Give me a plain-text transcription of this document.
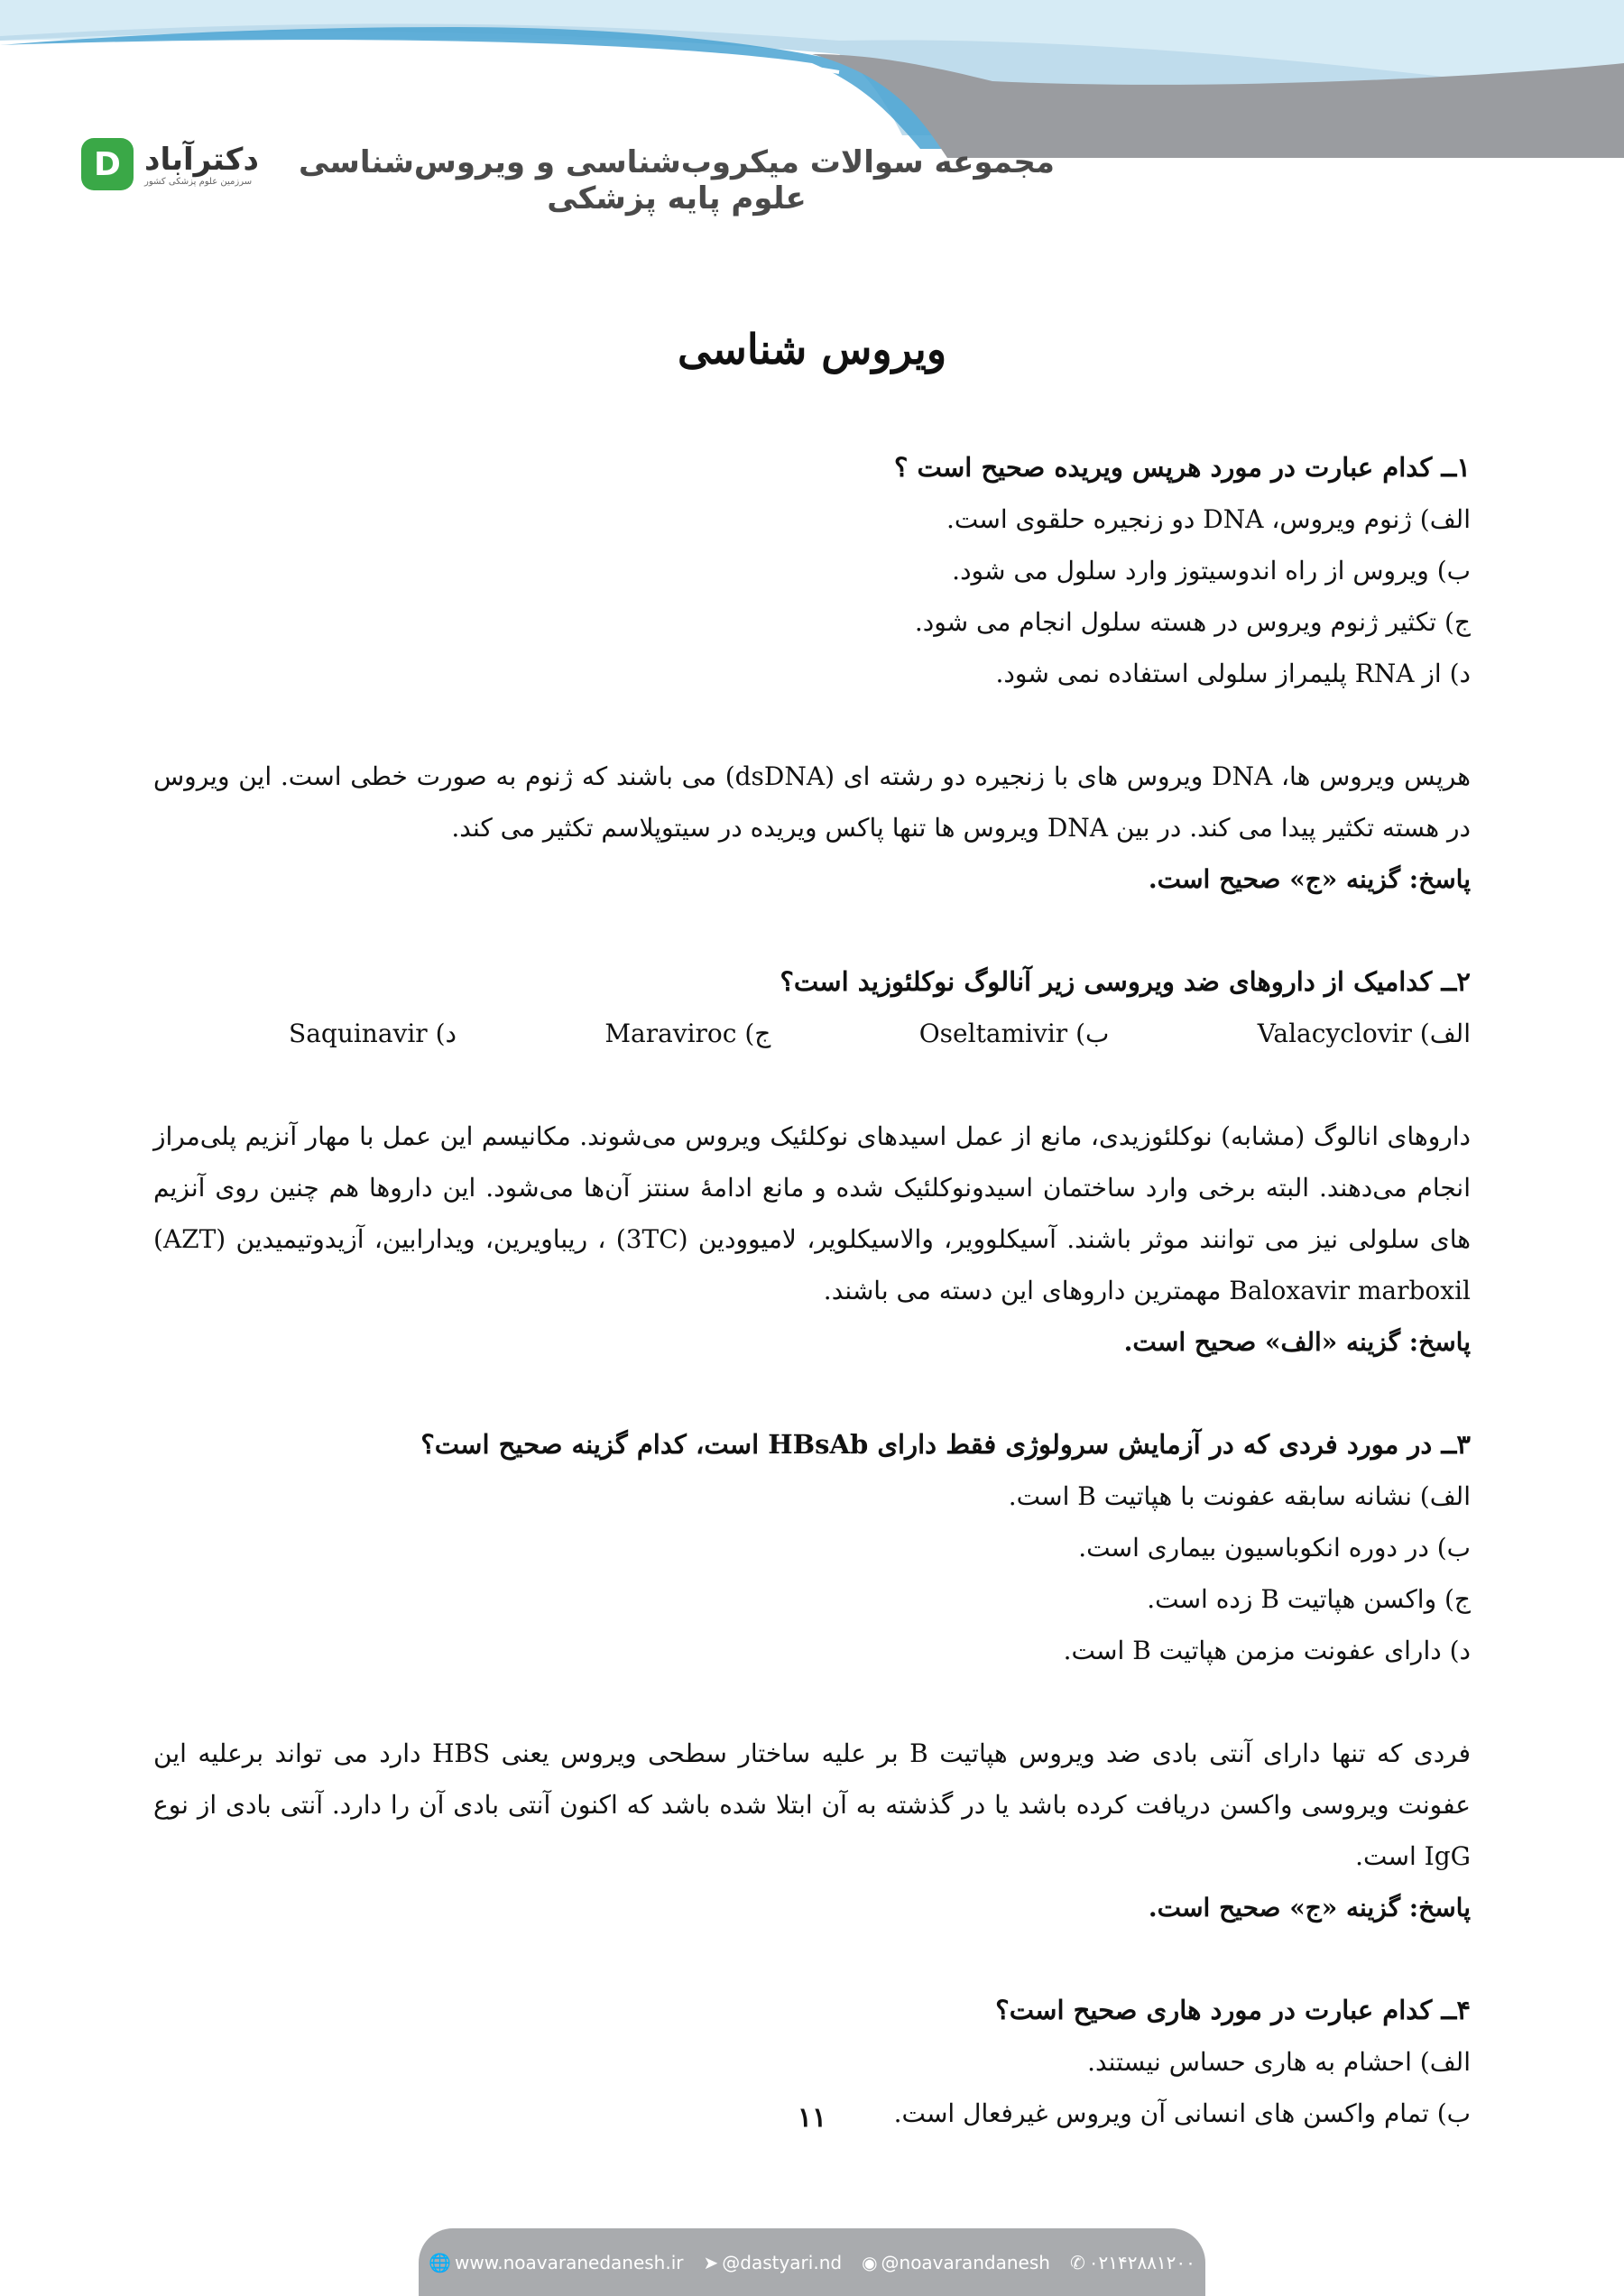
D دکترآباد
سرزمین علوم پزشکی کشور
مجموعه سوالات میکروب‌شناسی و ویروس‌شناسی علوم پایه پزشکی
ویروس شناسی
۱ــ کدام عبارت در مورد هرپس ویریده صحیح است ؟
الف) ژنوم ویروس، DNA دو زنجیره حلقوی است.
ب) ویروس از راه اندوسیتوز وارد سلول می شود.
ج) تکثیر ژنوم ویروس در هسته سلول انجام می شود.
د) از RNA پلیمراز سلولی استفاده نمی شود.
هرپس ویروس ها، DNA ویروس های با زنجیره دو رشته ای (dsDNA) می باشند که ژنوم به صورت خطی است. این ویروس در هسته تکثیر پیدا می کند. در بین DNA ویروس ها تنها پاکس ویریده در سیتوپلاسم تکثیر می کند.
پاسخ: گزینه «ج» صحیح است.
۲ــ کدامیک از داروهای ضد ویروسی زیر آنالوگ نوکلئوزید است؟
الف) Valacyclovir
ب) Oseltamivir
ج) Maraviroc
د) Saquinavir
داروهای انالوگ (مشابه) نوکلئوزیدی، مانع از عمل اسیدهای نوکلئیک ویروس می‌شوند. مکانیسم این عمل با مهار آنزیم پلی‌مراز انجام می‌دهند. البته برخی وارد ساختمان اسیدونوکلئیک شده و مانع ادامهٔ سنتز آن‌ها می‌شود. این داروها هم چنین روی آنزیم های سلولی نیز می توانند موثر باشند. آسیکلوویر، والاسیکلویر، لامیوودین (3TC) ، ریباویرین، ویدارابین، آزیدوتیمیدین (AZT) Baloxavir marboxil مهمترین داروهای این دسته می باشند.
پاسخ: گزینه «الف» صحیح است.
۳ــ در مورد فردی که در آزمایش سرولوژی فقط دارای HBsAb است، کدام گزینه صحیح است؟
الف) نشانه سابقه عفونت با هپاتیت B است.
ب) در دوره انکوباسیون بیماری است.
ج) واکسن هپاتیت B زده است.
د) دارای عفونت مزمن هپاتیت B است.
فردی که تنها دارای آنتی بادی ضد ویروس هپاتیت B بر علیه ساختار سطحی ویروس یعنی HBS دارد می تواند برعلیه این عفونت ویروسی واکسن دریافت کرده باشد یا در گذشته به آن ابتلا شده باشد که اکنون آنتی بادی آن را دارد. آنتی بادی از نوع IgG است.
پاسخ: گزینه «ج» صحیح است.
۴ــ کدام عبارت در مورد هاری صحیح است؟
الف) احشام به هاری حساس نیستند.
ب) تمام واکسن های انسانی آن ویروس غیرفعال است.
۱۱
🌐 www.noavaranedanesh.ir ➤ @dastyari.nd ◉ @noavarandanesh ✆ ۰۲۱۴۲۸۸۱۲۰۰
